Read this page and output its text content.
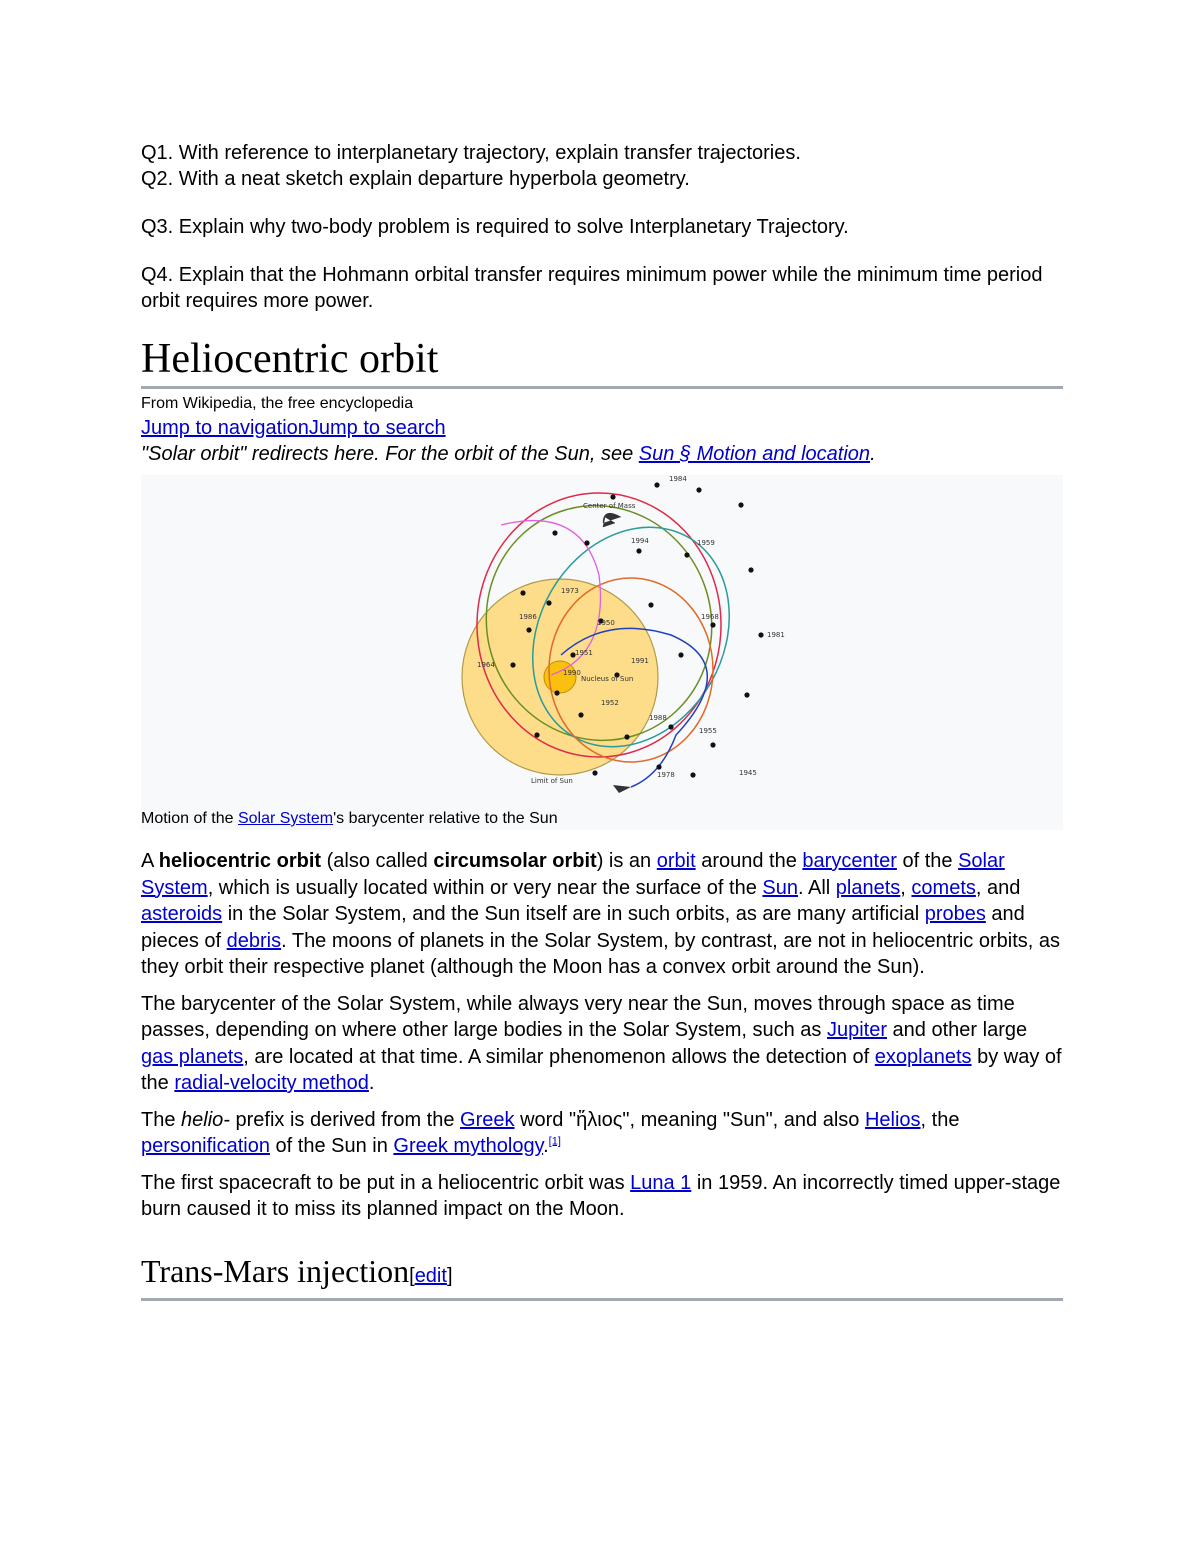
Q1. With reference to interplanetary trajectory, explain transfer trajectories.

Q2. With a neat sketch explain departure hyperbola geometry.

Q3. Explain why two-body problem is required to solve Interplanetary Trajectory.

Q4. Explain that the Hohmann orbital transfer requires minimum power while the minimum time period orbit requires more power.

Heliocentric orbit
From Wikipedia, the free encyclopedia
Jump to navigationJump to search
"Solar orbit" redirects here. For the orbit of the Sun, see Sun § Motion and location.
Center of Mass
Nucleus of Sun
Limit of Sun
1984
1994	1959
1973
1986
1950
1968
1981
1964
1951
1990
1991
1952
1988
1955
1978	1945
Motion of the Solar System's barycenter relative to the Sun

A heliocentric orbit (also called circumsolar orbit) is an orbit around the barycenter of the Solar System, which is usually located within or very near the surface of the Sun. All planets, comets, and asteroids in the Solar System, and the Sun itself are in such orbits, as are many artificial probes and pieces of debris. The moons of planets in the Solar System, by contrast, are not in heliocentric orbits, as they orbit their respective planet (although the Moon has a convex orbit around the Sun).

The barycenter of the Solar System, while always very near the Sun, moves through space as time passes, depending on where other large bodies in the Solar System, such as Jupiter and other large gas planets, are located at that time. A similar phenomenon allows the detection of exoplanets by way of the radial-velocity method.

The helio- prefix is derived from the Greek word "ἥλιος", meaning "Sun", and also Helios, the personification of the Sun in Greek mythology.[1]

The first spacecraft to be put in a heliocentric orbit was Luna 1 in 1959. An incorrectly timed upper-stage burn caused it to miss its planned impact on the Moon.

Trans-Mars injection[edit]
